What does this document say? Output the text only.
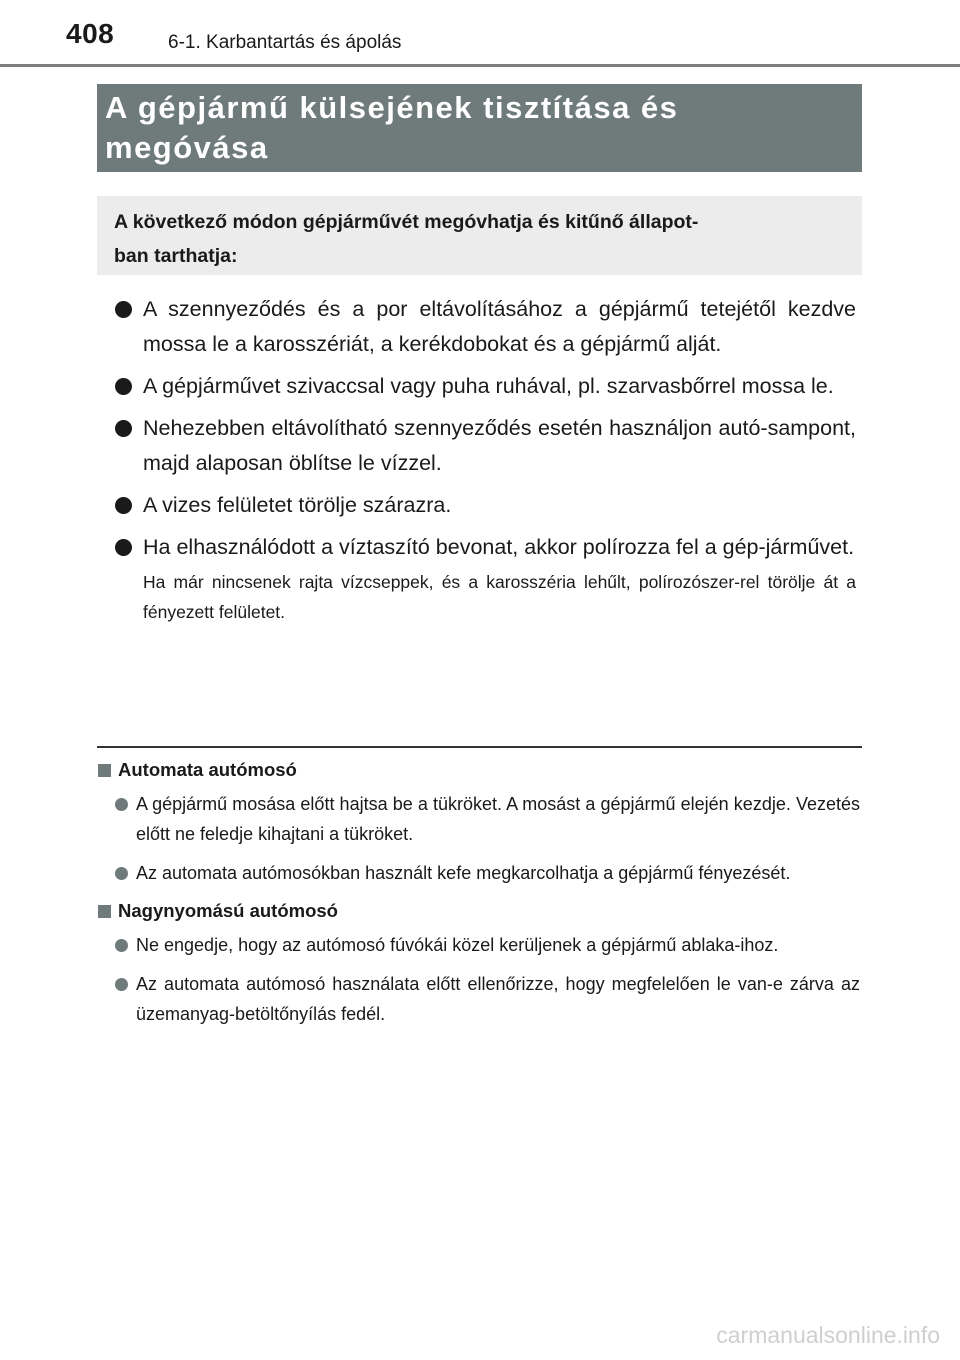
408	6-1. Karbantartás és ápolás
A gépjármű külsejének tisztítása és
megóvása
A következő módon gépjárművét megóvhatja és kitűnő állapot-
ban tarthatja:
A szennyeződés és a por eltávolításához a gépjármű tetejétől kezdve mossa le a karosszériát, a kerékdobokat és a gépjármű alját.
A gépjárművet szivaccsal vagy puha ruhával, pl. szarvasbőrrel mossa le.
Nehezebben eltávolítható szennyeződés esetén használjon autó-sampont, majd alaposan öblítse le vízzel.
A vizes felületet törölje szárazra.
Ha elhasználódott a víztaszító bevonat, akkor polírozza fel a gép-járművet.

Ha már nincsenek rajta vízcseppek, és a karosszéria lehűlt, polírozószer-rel törölje át a fényezett felületet.

Automata autómosó
A gépjármű mosása előtt hajtsa be a tükröket. A mosást a gépjármű elején kezdje. Vezetés előtt ne feledje kihajtani a tükröket.
Az automata autómosókban használt kefe megkarcolhatja a gépjármű fényezését.
Nagynyomású autómosó
Ne engedje, hogy az autómosó fúvókái közel kerüljenek a gépjármű ablaka-ihoz.
Az automata autómosó használata előtt ellenőrizze, hogy megfelelően le van-e zárva az üzemanyag-betöltőnyílás fedél.
carmanualsonline.info
